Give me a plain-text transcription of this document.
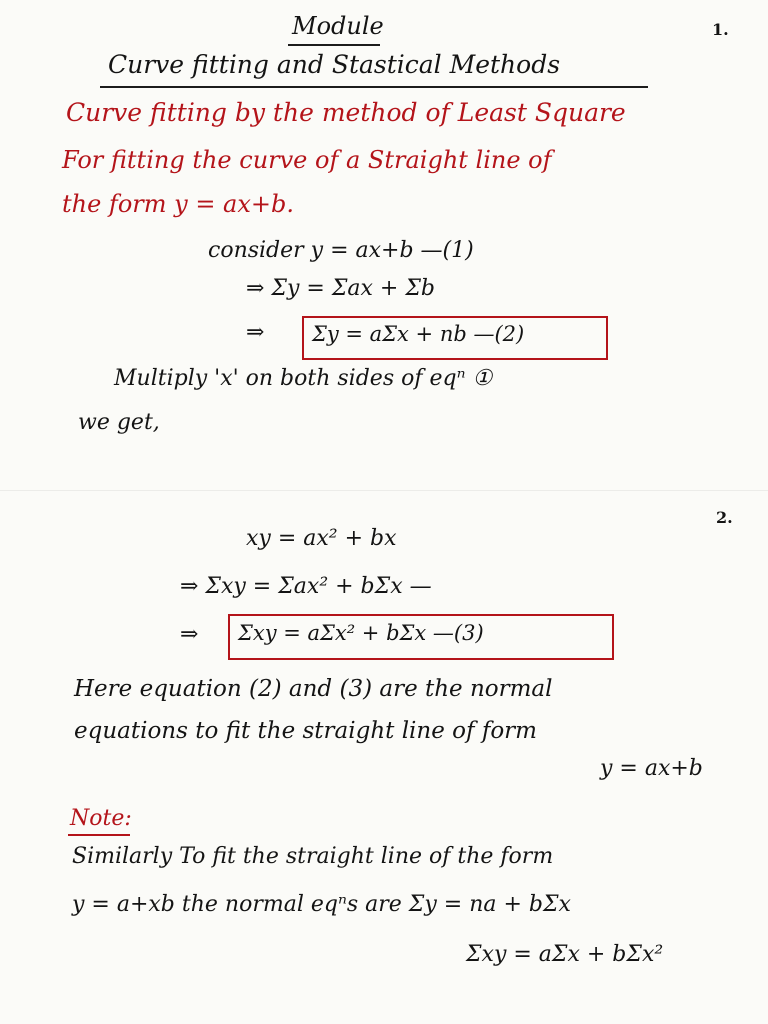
Module	1.
Curve fitting and Stastical Methods
Curve fitting by the method of Least Square
For fitting the curve of a Straight line of
the form y = ax+b.
consider y = ax+b —(1)
⇒ Σy = Σax + Σb
⇒ Σy = aΣx + nb —(2)
Multiply 'x' on both sides of eqⁿ ①
we get,
2.
xy = ax² + bx
⇒ Σxy = Σax² + bΣx —
⇒ Σxy = aΣx² + bΣx —(3)
Here equation (2) and (3) are the normal
equations to fit the straight line of form
y = ax+b
Note:
Similarly To fit the straight line of the form
y = a+xb the normal eqⁿs are Σy = na + bΣx
Σxy = aΣx + bΣx²
